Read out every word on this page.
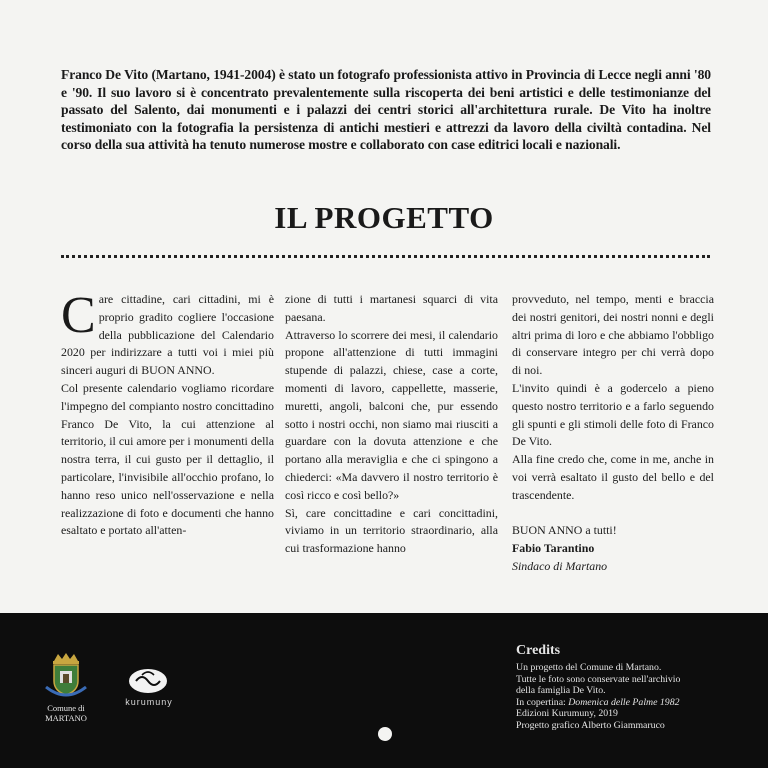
Franco De Vito (Martano, 1941-2004) è stato un fotografo professionista attivo in Provincia di Lecce negli anni '80 e '90. Il suo lavoro si è concentrato prevalentemente sulla riscoperta dei beni artistici e delle testimonianze del passato del Salento, dai monumenti e i palazzi dei centri storici all'architettura rurale. De Vito ha inoltre testimoniato con la fotografia la persistenza di antichi mestieri e attrezzi da lavoro della civiltà contadina. Nel corso della sua attività ha tenuto numerose mostre e collaborato con case editrici locali e nazionali.
IL PROGETTO

Care cittadine, cari cittadini, mi è proprio gradito cogliere l'occasione della pubblicazione del Calendario 2020 per indirizzare a tutti voi i miei più sinceri auguri di BUON ANNO.

Col presente calendario vogliamo ricordare l'impegno del compianto nostro concittadino Franco De Vito, la cui attenzione al territorio, il cui amore per i monumenti della nostra terra, il cui gusto per il dettaglio, il particolare, l'invisibile all'occhio profano, lo hanno reso unico nell'osservazione e nella realizzazione di foto e documenti che hanno esaltato e portato all'atten-

zione di tutti i martanesi squarci di vita paesana.

Attraverso lo scorrere dei mesi, il calendario propone all'attenzione di tutti immagini stupende di palazzi, chiese, case a corte, momenti di lavoro, cappellette, masserie, muretti, angoli, balconi che, pur essendo sotto i nostri occhi, non siamo mai riusciti a guardare con la dovuta attenzione e che portano alla meraviglia e che ci spingono a chiederci: «Ma davvero il nostro territorio è così ricco e così bello?»

Sì, care concittadine e cari concittadini, viviamo in un territorio straordinario, alla cui trasformazione hanno

provveduto, nel tempo, menti e braccia dei nostri genitori, dei nostri nonni e degli altri prima di loro e che abbiamo l'obbligo di conservare integro per chi verrà dopo di noi.

L'invito quindi è a godercelo a pieno questo nostro territorio e a farlo seguendo gli spunti e gli stimoli delle foto di Franco De Vito.

Alla fine credo che, come in me, anche in voi verrà esaltato il gusto del bello e del trascendente.

BUON ANNO a tutti!

Fabio Tarantino

Sindaco di Martano

Comune di
MARTANO
kurumuny
Credits
Un progetto del Comune di Martano.
Tutte le foto sono conservate nell'archivio
della famiglia De Vito.
In copertina: Domenica delle Palme 1982
Edizioni Kurumuny, 2019
Progetto grafico Alberto Giammaruco
